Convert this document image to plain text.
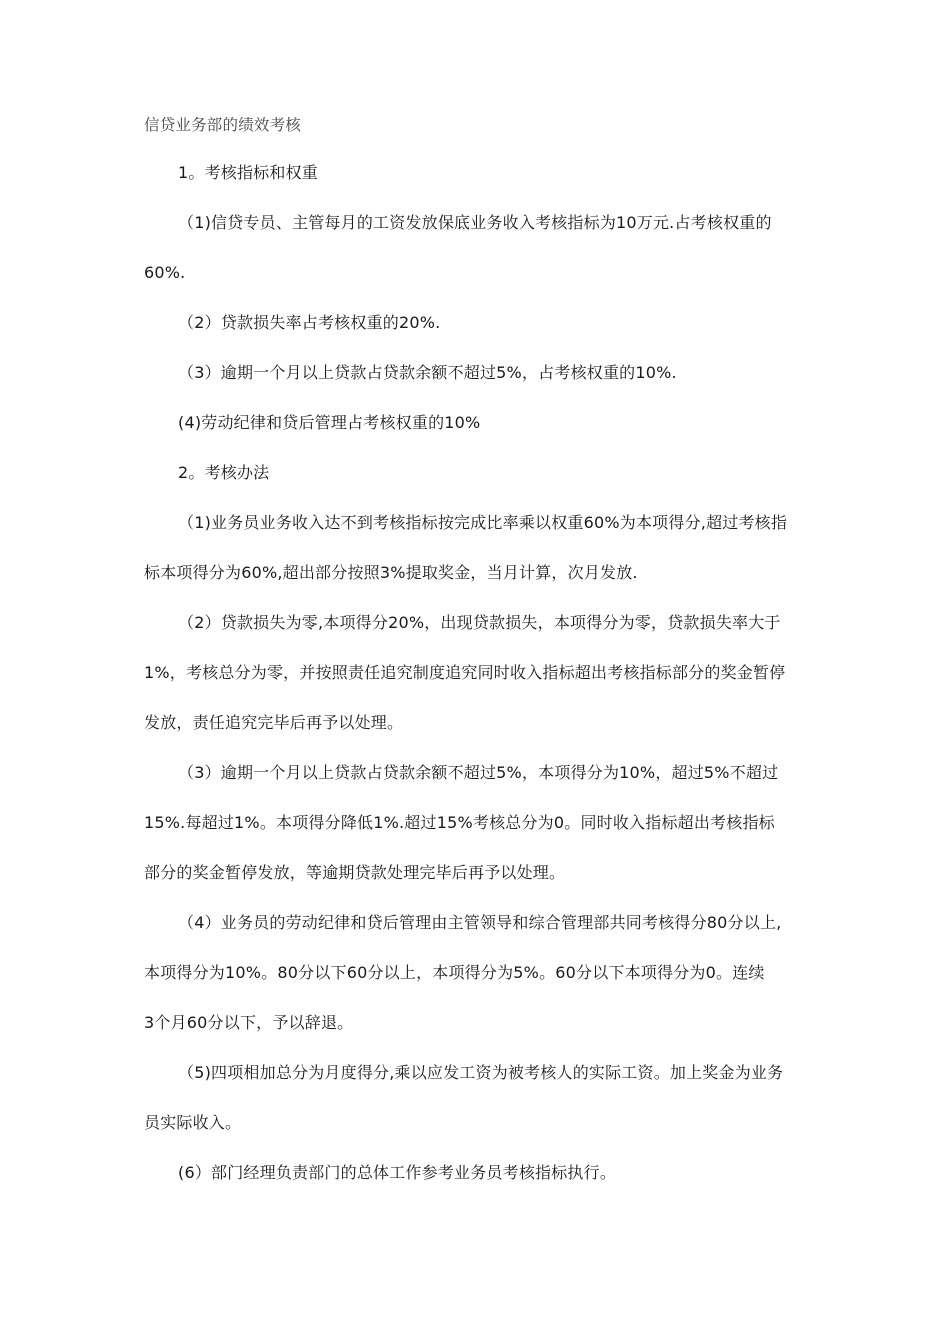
信贷业务部的绩效考核
1。考核指标和权重
（1)信贷专员、主管每月的工资发放保底业务收入考核指标为10万元.占考核权重的
60%.
（2）贷款损失率占考核权重的20%.
（3）逾期一个月以上贷款占贷款余额不超过5%，占考核权重的10%.
(4)劳动纪律和贷后管理占考核权重的10%
2。考核办法
（1)业务员业务收入达不到考核指标按完成比率乘以权重60%为本项得分,超过考核指
标本项得分为60%,超出部分按照3%提取奖金，当月计算，次月发放.
（2）贷款损失为零,本项得分20%，出现贷款损失，本项得分为零，贷款损失率大于
1%，考核总分为零，并按照责任追究制度追究同时收入指标超出考核指标部分的奖金暂停
发放，责任追究完毕后再予以处理。
（3）逾期一个月以上贷款占贷款余额不超过5%，本项得分为10%，超过5%不超过
15%.每超过1%。本项得分降低1%.超过15%考核总分为0。同时收入指标超出考核指标
部分的奖金暂停发放，等逾期贷款处理完毕后再予以处理。
（4）业务员的劳动纪律和贷后管理由主管领导和综合管理部共同考核得分80分以上,
本项得分为10%。80分以下60分以上，本项得分为5%。60分以下本项得分为0。连续
3个月60分以下，予以辞退。
（5)四项相加总分为月度得分,乘以应发工资为被考核人的实际工资。加上奖金为业务
员实际收入。
(6）部门经理负责部门的总体工作参考业务员考核指标执行。
